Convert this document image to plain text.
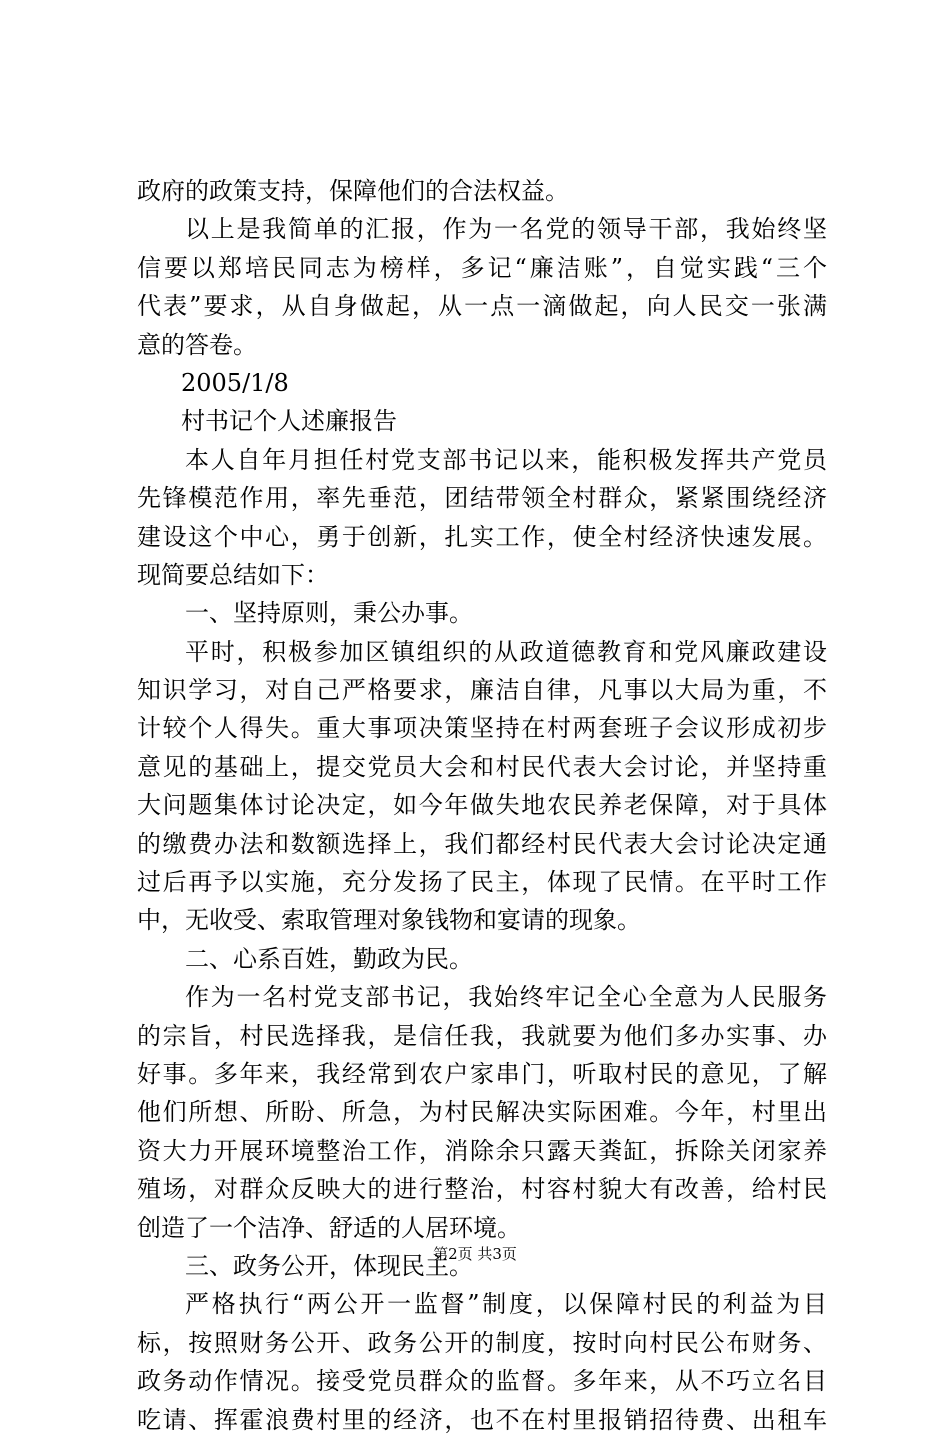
政府的政策支持，保障他们的合法权益。
以上是我简单的汇报，作为一名党的领导干部，我始终坚
信要以郑培民同志为榜样，多记“廉洁账”，自觉实践“三个
代表”要求，从自身做起，从一点一滴做起，向人民交一张满
意的答卷。
2005/1/8
村书记个人述廉报告
本人自年月担任村党支部书记以来，能积极发挥共产党员
先锋模范作用，率先垂范，团结带领全村群众，紧紧围绕经济
建设这个中心，勇于创新，扎实工作，使全村经济快速发展。
现简要总结如下：
一、坚持原则，秉公办事。
平时，积极参加区镇组织的从政道德教育和党风廉政建设
知识学习，对自己严格要求，廉洁自律，凡事以大局为重，不
计较个人得失。重大事项决策坚持在村两套班子会议形成初步
意见的基础上，提交党员大会和村民代表大会讨论，并坚持重
大问题集体讨论决定，如今年做失地农民养老保障，对于具体
的缴费办法和数额选择上，我们都经村民代表大会讨论决定通
过后再予以实施，充分发扬了民主，体现了民情。在平时工作
中，无收受、索取管理对象钱物和宴请的现象。
二、心系百姓，勤政为民。
作为一名村党支部书记，我始终牢记全心全意为人民服务
的宗旨，村民选择我，是信任我，我就要为他们多办实事、办
好事。多年来，我经常到农户家串门，听取村民的意见，了解
他们所想、所盼、所急，为村民解决实际困难。今年，村里出
资大力开展环境整治工作，消除余只露天粪缸，拆除关闭家养
殖场，对群众反映大的进行整治，村容村貌大有改善，给村民
创造了一个洁净、舒适的人居环境。
三、政务公开，体现民主。
严格执行“两公开一监督”制度，以保障村民的利益为目
标，按照财务公开、政务公开的制度，按时向村民公布财务、
政务动作情况。接受党员群众的监督。多年来，从不巧立名目
吃请、挥霍浪费村里的经济，也不在村里报销招待费、出租车
第2页 共3页
